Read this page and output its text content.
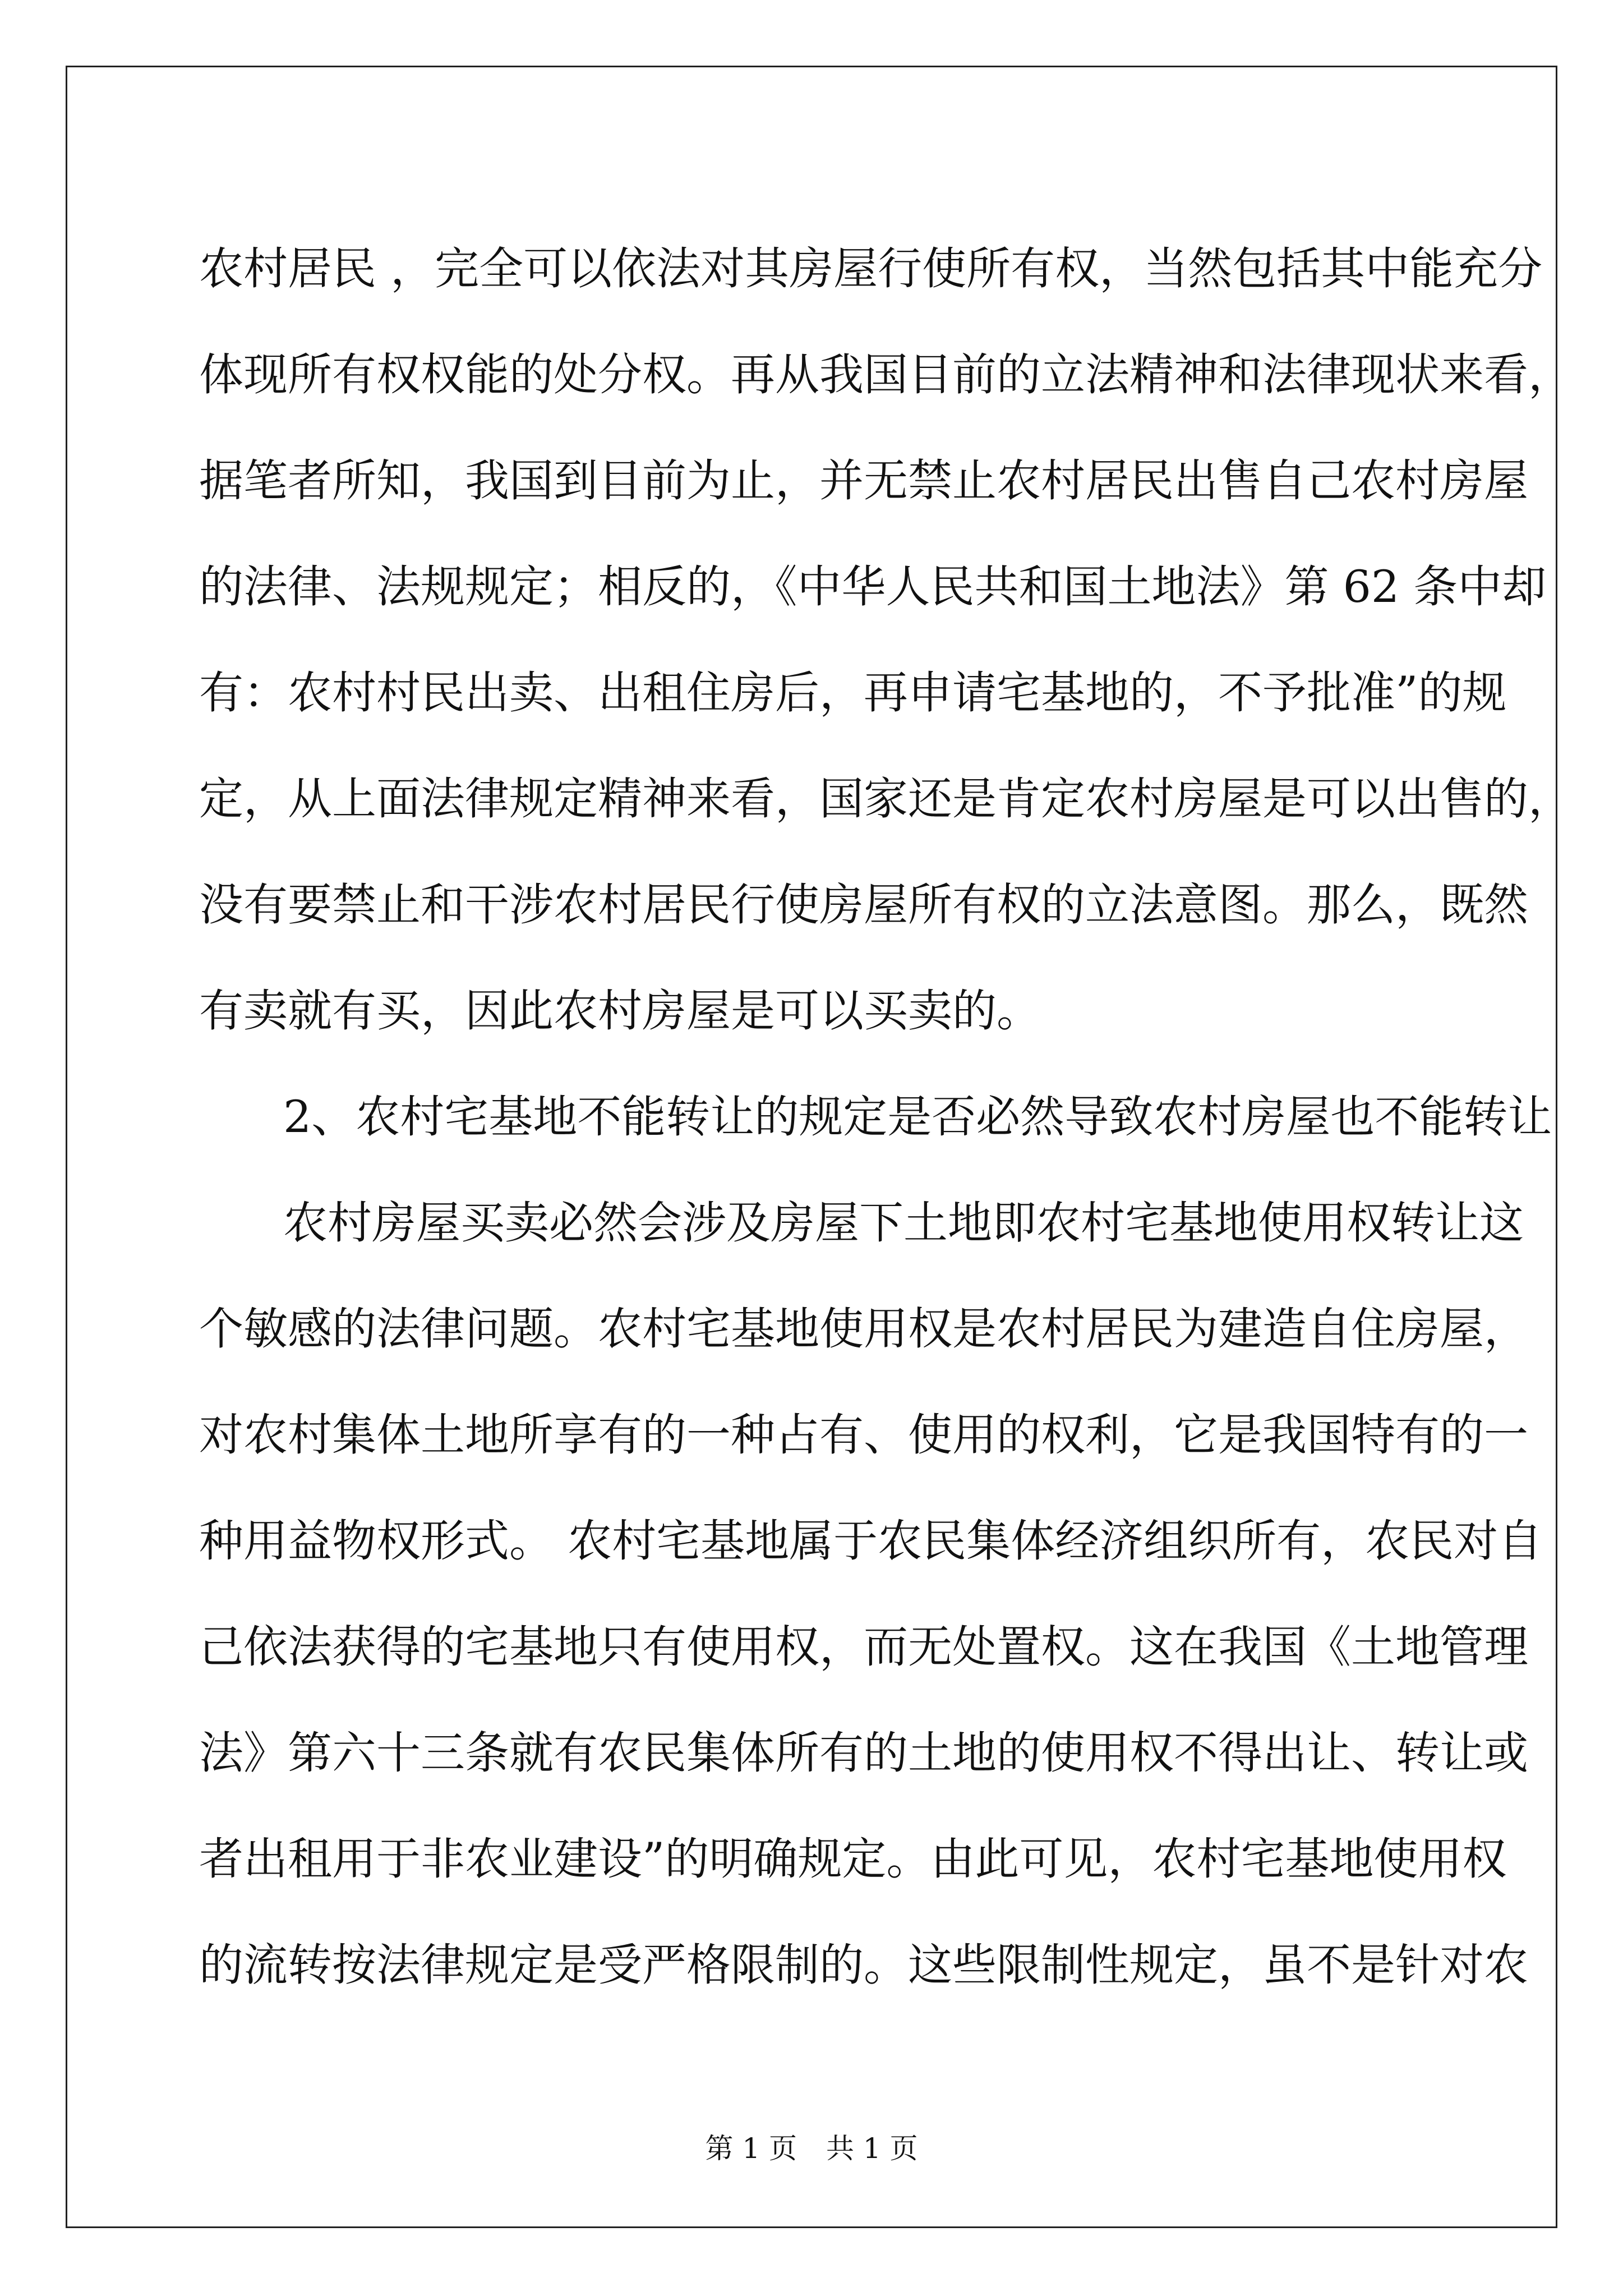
农村居民 ，完全可以依法对其房屋行使所有权，当然包括其中能充分
体现所有权权能的处分权。再从我国目前的立法精神和法律现状来看，
据笔者所知，我国到目前为止，并无禁止农村居民出售自己农村房屋
的法律、法规规定；相反的，《中华人民共和国土地法》第 62 条中却
有：农村村民出卖、出租住房后，再申请宅基地的，不予批准”的规
定，从上面法律规定精神来看，国家还是肯定农村房屋是可以出售的，
没有要禁止和干涉农村居民行使房屋所有权的立法意图。那么，既然
有卖就有买，因此农村房屋是可以买卖的。
2、农村宅基地不能转让的规定是否必然导致农村房屋也不能转让
农村房屋买卖必然会涉及房屋下土地即农村宅基地使用权转让这
个敏感的法律问题。农村宅基地使用权是农村居民为建造自住房屋，
对农村集体土地所享有的一种占有、使用的权利，它是我国特有的一
种用益物权形式。 农村宅基地属于农民集体经济组织所有，农民对自
己依法获得的宅基地只有使用权，而无处置权。这在我国《土地管理
法》第六十三条就有农民集体所有的土地的使用权不得出让、转让或
者出租用于非农业建设”的明确规定。由此可见，农村宅基地使用权
的流转按法律规定是受严格限制的。这些限制性规定，虽不是针对农
第 1 页 共 1 页
